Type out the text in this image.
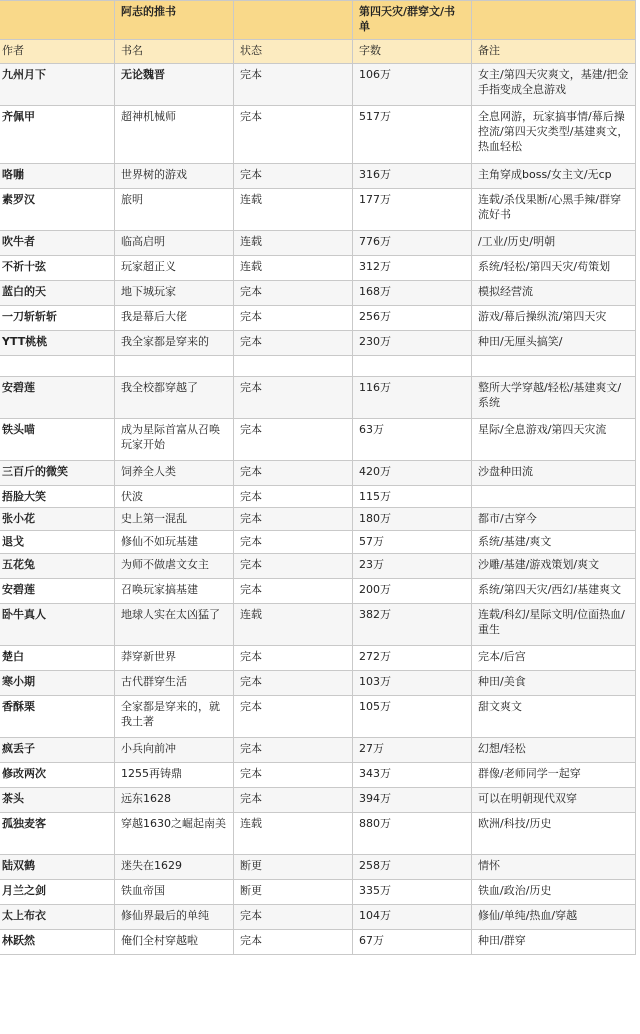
	阿志的推书		第四天灾/群穿文/书单	
作者	书名	状态	字数	备注
九州月下	无论魏晋	完本	106万	女主/第四天灾爽文，基建/把金手指变成全息游戏
齐佩甲	超神机械师	完本	517万	全息网游，玩家搞事情/幕后操控流/第四天灾类型/基建爽文，热血轻松
咯嘣	世界树的游戏	完本	316万	主角穿成boss/女主文/无cp
素罗汉	旅明	连载	177万	连载/杀伐果断/心黑手辣/群穿流好书
吹牛者	临高启明	连载	776万	/工业/历史/明朝
不祈十弦	玩家超正义	连载	312万	系统/轻松/第四天灾/苟策划
蓝白的天	地下城玩家	完本	168万	模拟经营流
一刀斩斩斩	我是幕后大佬	完本	256万	游戏/幕后操纵流/第四天灾
YTT桃桃	我全家都是穿来的	完本	230万	种田/无厘头搞笑/

安碧莲	我全校都穿越了	完本	116万	整所大学穿越/轻松/基建爽文/系统
铁头喵	成为星际首富从召唤玩家开始	完本	63万	星际/全息游戏/第四天灾流
三百斤的微笑	饲养全人类	完本	420万	沙盘种田流
捂脸大笑	伏波	完本	115万	
张小花	史上第一混乱	完本	180万	都市/古穿今
退戈	修仙不如玩基建	完本	57万	系统/基建/爽文
五花兔	为师不做虐文女主	完本	23万	沙雕/基建/游戏策划/爽文
安碧莲	召唤玩家搞基建	完本	200万	系统/第四天灾/西幻/基建爽文
卧牛真人	地球人实在太凶猛了	连载	382万	连载/科幻/星际文明/位面热血/重生
楚白	莽穿新世界	完本	272万	完本/后宫
寒小期	古代群穿生活	完本	103万	种田/美食
香酥栗	全家都是穿来的，就我土著	完本	105万	甜文爽文
疯丢子	小兵向前冲	完本	27万	幻想/轻松
修改两次	1255再铸鼎	完本	343万	群像/老师同学一起穿
茶头	远东1628	完本	394万	可以在明朝现代双穿
孤独麦客	穿越1630之崛起南美	连载	880万	欧洲/科技/历史
陆双鹤	迷失在1629	断更	258万	情怀
月兰之剑	铁血帝国	断更	335万	铁血/政治/历史
太上布衣	修仙界最后的单纯	完本	104万	修仙/单纯/热血/穿越
林跃然	俺们全村穿越啦	完本	67万	种田/群穿
